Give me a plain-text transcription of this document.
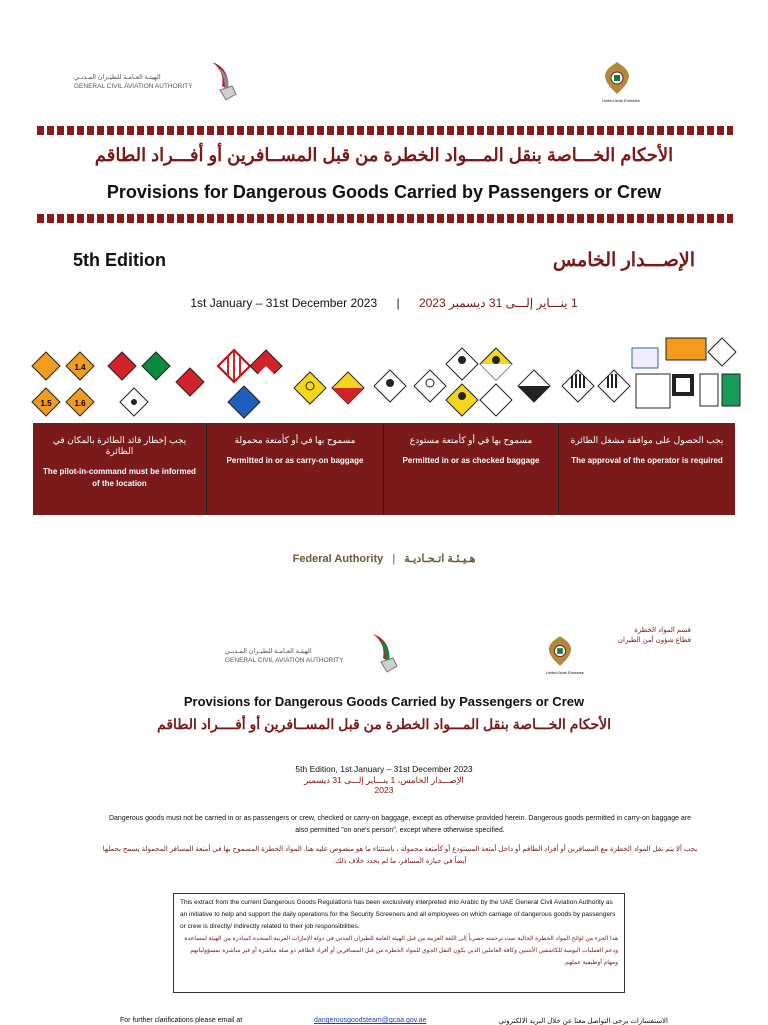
الهيئـة العـامـة للطيـران المـدنـي
GENERAL CIVIL AVIATION AUTHORITY
United Arab Emirates
الأحكام الخـــاصة بنقل المـــواد الخطرة من قبل المســافرين أو أفـــراد الطاقم
Provisions for Dangerous Goods Carried by Passengers or Crew
5th Edition	الإصـــدار الخامس
1st January – 31st December 2023 | 1 ينـــاير إلـــى 31 ديسمبر 2023
1.4
1.5	1.6
يجب إخطار قائد الطائرة بالمكان في الطائرة
The pilot-in-command must be informed of the location
مسموح بها في أو كأمتعة محمولة
Permitted in or as carry-on baggage
مسموح بها في أو كأمتعة مستودع
Permitted in or as checked baggage
يجب الحصول على موافقة مشغل الطائرة
The approval of the operator is required
Federal Authority | هـيـئـة اتـحـاديـة
الهيئـة العـامـة للطيـران المـدنـي
GENERAL CIVIL AVIATION AUTHORITY
United Arab Emirates
قسم المواد الخطرة
قطاع شؤون أمن الطيران
Provisions for Dangerous Goods Carried by Passengers or Crew
الأحكام الخـــاصة بنقل المـــواد الخطرة من قبل المســافرين أو أفــــراد الطاقم
5th Edition, 1st January – 31st December 2023
الإصـــدار الخامس، 1 ينـــاير إلـــى 31 ديسمبر
2023
Dangerous goods must not be carried in or as passengers or crew, checked or carry-on baggage, except as otherwise provided herein. Dangerous goods permitted in carry-on baggage are also permitted "on one's person", except where otherwise specified.
يجب ألا يتم نقل المواد الخطرة مع المسافرين أو أفراد الطاقم أو داخل أمتعة المستودع أو كأمتعة محمولة ، باستثناء ما هو منصوص عليه هنا. المواد الخطرة المسموح بها في أمتعة المسافر المحمولة يسمح بحملها أيضاً في حيازة المسافر، ما لم يحدد خلاف ذلك.
This extract from the current Dangerous Goods Regulations has been exclusively interpreted into Arabic by the UAE General Civil Aviation Authority as an initiative to help and support the daily operations for the Security Screeners and all employees on which carriage of dangerous goods by passengers or crew is directly/ indirectly related to their job responsibilities.
هذا الجزء من لوائح المواد الخطرة الحالية تمت ترجمته حصرياً إلى اللغة العربية من قبل الهيئة العامة للطيران المدني في دولة الإمارات العربية المتحدة كمبادرة من الهيئة لمساعدة ودعم العمليات اليومية للكاشفين الأمنيين وكافة العاملين الذين يكون النقل الجوي للمواد الخطرة من قبل المسافرين أو أفراد الطاقم ذو صلة مباشرة أو غير مباشرة بمسؤولياتهم ومهام أوظيفية عملهم.
For further clarifications please email at	dangerousgoodsteam@gcaa.gov.ae	الاستفسارات يرجى التواصل معنا عن خلال البريد الالكتروني
